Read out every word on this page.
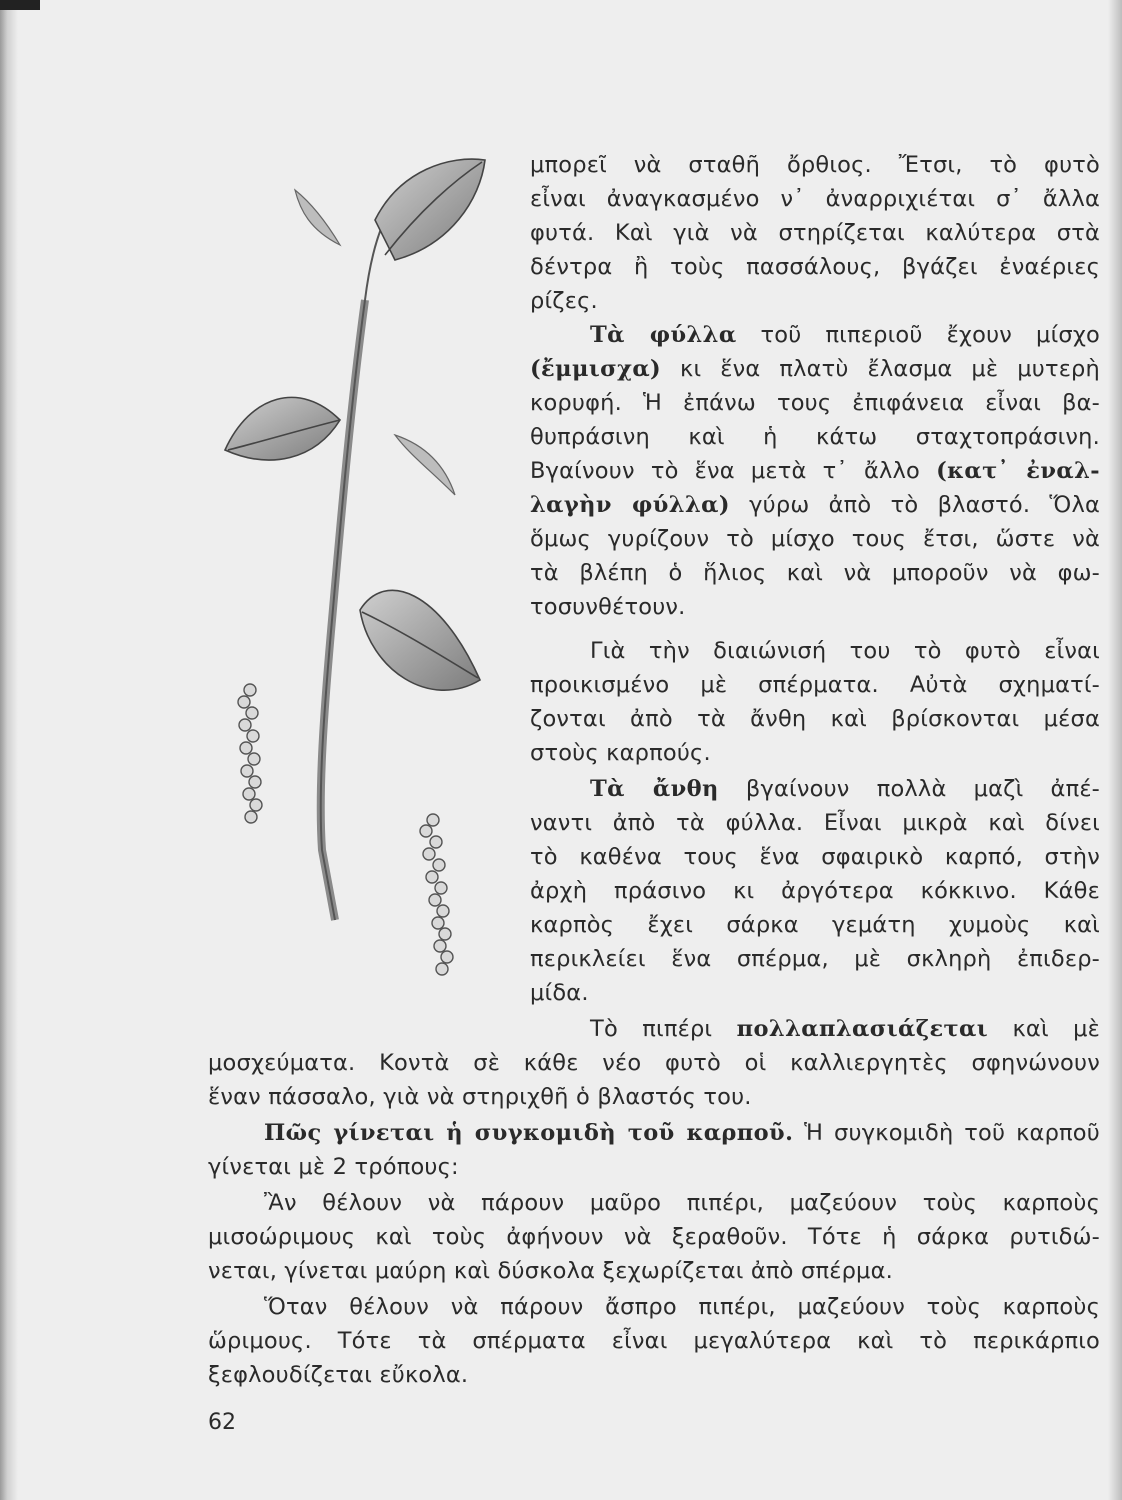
μπορεῖ νὰ σταθῆ ὄρθιος. Ἔτσι, τὸ φυτὸ
εἶναι ἀναγκασμένο ν᾿ ἀναρριχιέται σ᾿ ἄλλα
φυτά. Καὶ γιὰ νὰ στηρίζεται καλύτερα στὰ
δέντρα ἢ τοὺς πασσάλους, βγάζει ἐναέριες
ρίζες.
Τὰ φύλλα τοῦ πιπεριοῦ ἔχουν μίσχο
(ἔμμισχα) κι ἕνα πλατὺ ἔλασμα μὲ μυτερὴ
κορυφή. Ἡ ἐπάνω τους ἐπιφάνεια εἶναι βα-
θυπράσινη καὶ ἡ κάτω σταχτοπράσινη.
Βγαίνουν τὸ ἕνα μετὰ τ᾿ ἄλλο (κατ᾿ ἐναλ-
λαγὴν φύλλα) γύρω ἀπὸ τὸ βλαστό. Ὅλα
ὅμως γυρίζουν τὸ μίσχο τους ἔτσι, ὥστε νὰ
τὰ βλέπη ὁ ἥλιος καὶ νὰ μποροῦν νὰ φω-
τοσυνθέτουν.
Γιὰ τὴν διαιώνισή του τὸ φυτὸ εἶναι
προικισμένο μὲ σπέρματα. Αὐτὰ σχηματί-
ζονται ἀπὸ τὰ ἄνθη καὶ βρίσκονται μέσα
στοὺς καρπούς.
Τὰ ἄνθη βγαίνουν πολλὰ μαζὶ ἀπέ-
ναντι ἀπὸ τὰ φύλλα. Εἶναι μικρὰ καὶ δίνει
τὸ καθένα τους ἕνα σφαιρικὸ καρπό, στὴν
ἀρχὴ πράσινο κι ἀργότερα κόκκινο. Κάθε
καρπὸς ἔχει σάρκα γεμάτη χυμοὺς καὶ
περικλείει ἕνα σπέρμα, μὲ σκληρὴ ἐπιδερ-
μίδα.
Τὸ πιπέρι πολλαπλασιάζεται καὶ μὲ
μοσχεύματα. Κοντὰ σὲ κάθε νέο φυτὸ οἱ καλλιεργητὲς σφηνώνουν
ἕναν πάσσαλο, γιὰ νὰ στηριχθῆ ὁ βλαστός του.
Πῶς γίνεται ἡ συγκομιδὴ τοῦ καρποῦ. Ἡ συγκομιδὴ τοῦ καρποῦ
γίνεται μὲ 2 τρόπους:
Ἂν θέλουν νὰ πάρουν μαῦρο πιπέρι, μαζεύουν τοὺς καρποὺς
μισοώριμους καὶ τοὺς ἀφήνουν νὰ ξεραθοῦν. Τότε ἡ σάρκα ρυτιδώ-
νεται, γίνεται μαύρη καὶ δύσκολα ξεχωρίζεται ἀπὸ σπέρμα.
Ὅταν θέλουν νὰ πάρουν ἄσπρο πιπέρι, μαζεύουν τοὺς καρποὺς
ὥριμους. Τότε τὰ σπέρματα εἶναι μεγαλύτερα καὶ τὸ περικάρπιο
ξεφλουδίζεται εὔκολα.
62
